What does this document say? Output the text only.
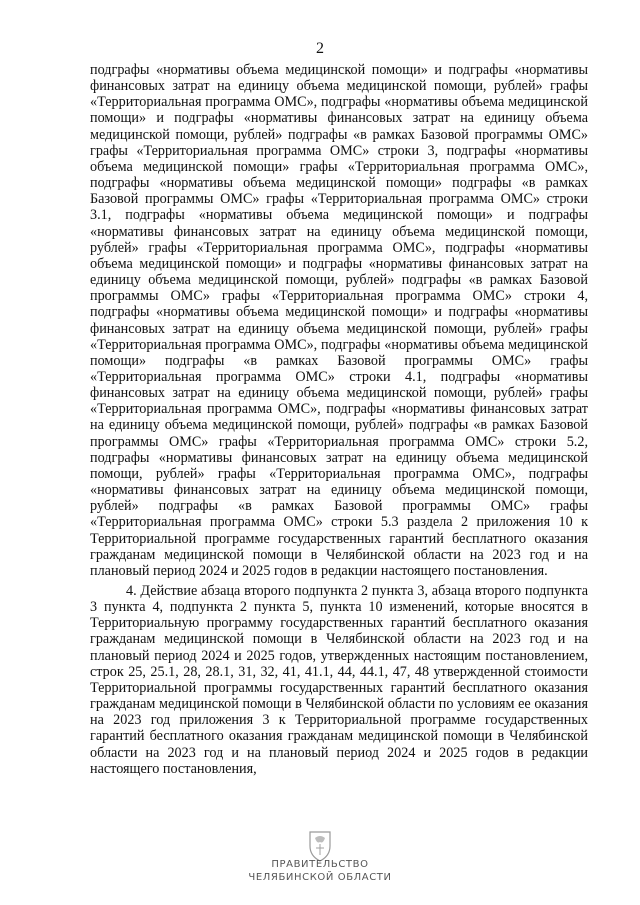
2

подграфы «нормативы объема медицинской помощи» и подграфы «нормативы финансовых затрат на единицу объема медицинской помощи, рублей» графы «Территориальная программа ОМС», подграфы «нормативы объема медицинской помощи» и подграфы «нормативы финансовых затрат на единицу объема медицинской помощи, рублей» подграфы «в рамках Базовой программы ОМС» графы «Территориальная программа ОМС» строки 3, подграфы «нормативы объема медицинской помощи» графы «Территориальная программа ОМС», подграфы «нормативы объема медицинской помощи» подграфы «в рамках Базовой программы ОМС» графы «Территориальная программа ОМС» строки 3.1, подграфы «нормативы объема медицинской помощи» и подграфы «нормативы финансовых затрат на единицу объема медицинской помощи, рублей» графы «Территориальная программа ОМС», подграфы «нормативы объема медицинской помощи» и подграфы «нормативы финансовых затрат на единицу объема медицинской помощи, рублей» подграфы «в рамках Базовой программы ОМС» графы «Территориальная программа ОМС» строки 4, подграфы «нормативы объема медицинской помощи» и подграфы «нормативы финансовых затрат на единицу объема медицинской помощи, рублей» графы «Территориальная программа ОМС», подграфы «нормативы объема медицинской помощи» подграфы «в рамках Базовой программы ОМС» графы «Территориальная программа ОМС» строки 4.1, подграфы «нормативы финансовых затрат на единицу объема медицинской помощи, рублей» графы «Территориальная программа ОМС», подграфы «нормативы финансовых затрат на единицу объема медицинской помощи, рублей» подграфы «в рамках Базовой программы ОМС» графы «Территориальная программа ОМС» строки 5.2, подграфы «нормативы финансовых затрат на единицу объема медицинской помощи, рублей» графы «Территориальная программа ОМС», подграфы «нормативы финансовых затрат на единицу объема медицинской помощи, рублей» подграфы «в рамках Базовой программы ОМС» графы «Территориальная программа ОМС» строки 5.3 раздела 2 приложения 10 к Территориальной программе государственных гарантий бесплатного оказания гражданам медицинской помощи в Челябинской области на 2023 год и на плановый период 2024 и 2025 годов в редакции настоящего постановления.

4. Действие абзаца второго подпункта 2 пункта 3, абзаца второго подпункта 3 пункта 4, подпункта 2 пункта 5, пункта 10 изменений, которые вносятся в Территориальную программу государственных гарантий бесплатного оказания гражданам медицинской помощи в Челябинской области на 2023 год и на плановый период 2024 и 2025 годов, утвержденных настоящим постановлением, строк 25, 25.1, 28, 28.1, 31, 32, 41, 41.1, 44, 44.1, 47, 48 утвержденной стоимости Территориальной программы государственных гарантий бесплатного оказания гражданам медицинской помощи в Челябинской области по условиям ее оказания на 2023 год приложения 3 к Территориальной программе государственных гарантий бесплатного оказания гражданам медицинской помощи в Челябинской области на 2023 год и на плановый период 2024 и 2025 годов в редакции настоящего постановления,

ПРАВИТЕЛЬСТВО
ЧЕЛЯБИНСКОЙ ОБЛАСТИ
